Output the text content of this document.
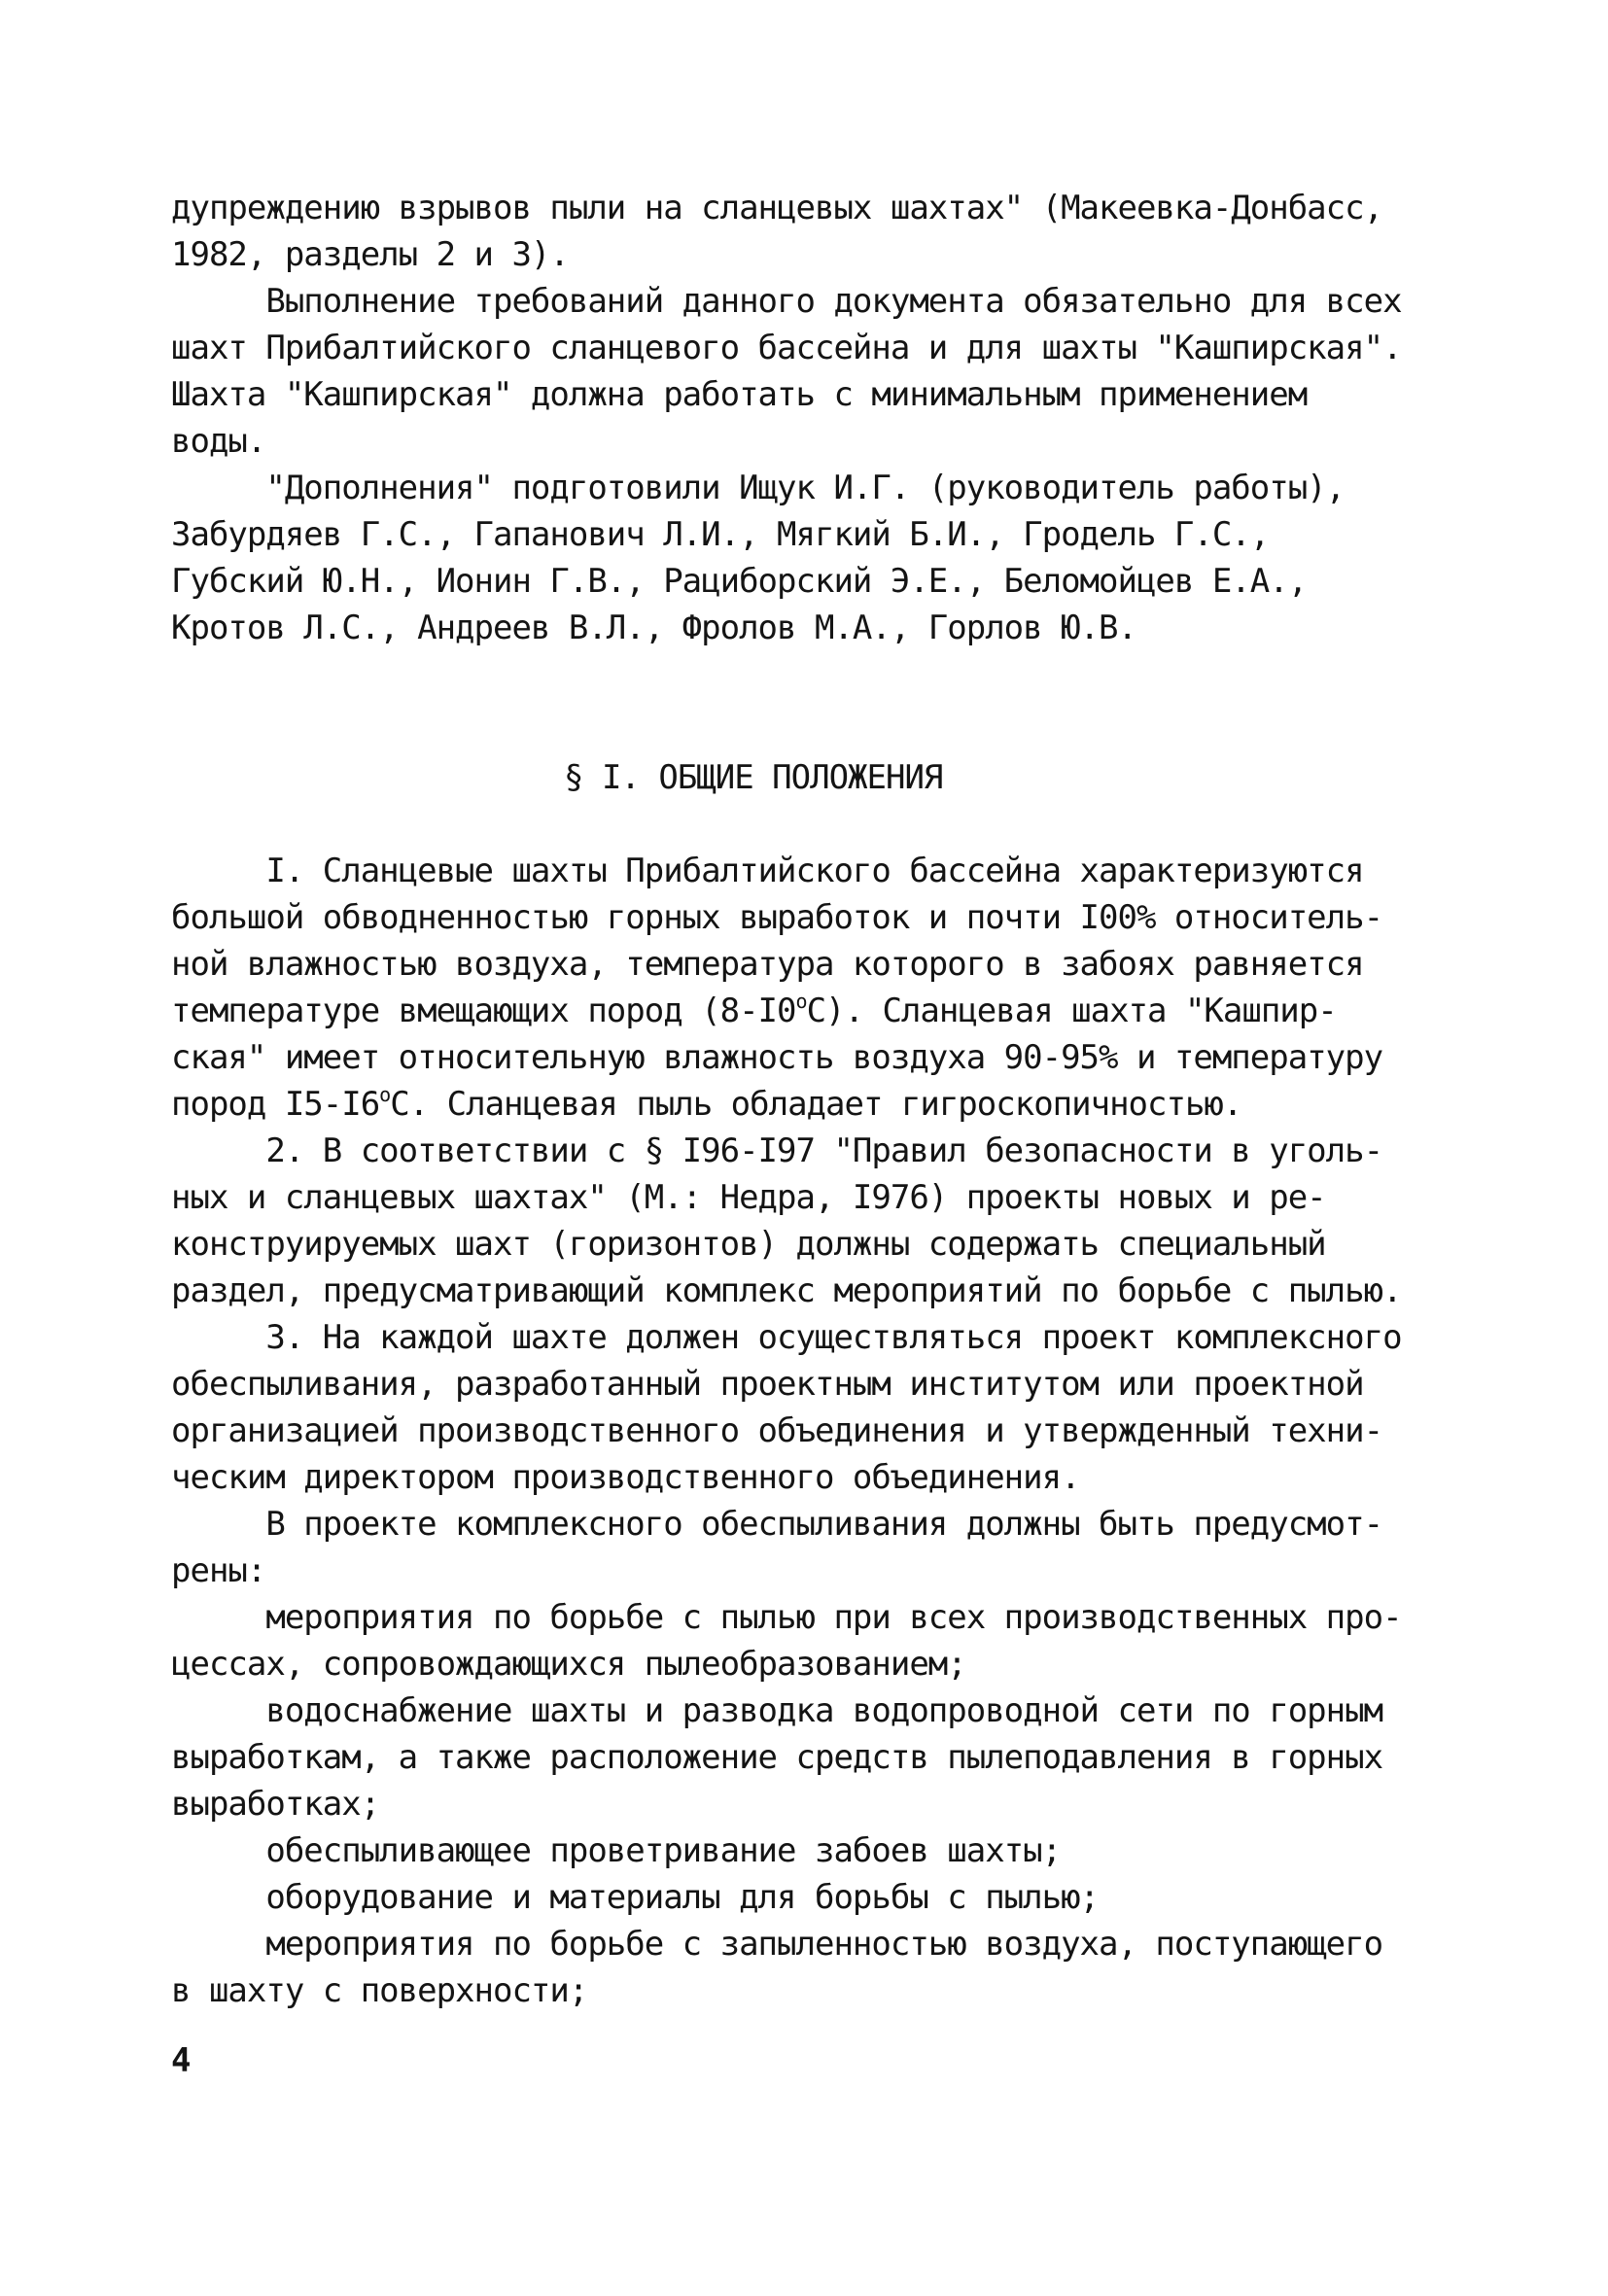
дупреждению взрывов пыли на сланцевых шахтах" (Макеевка-Донбасс,
1982, разделы 2 и 3).
Выполнение требований данного документа обязательно для всех
шахт Прибалтийского сланцевого бассейна и для шахты "Кашпирская".
Шахта "Кашпирская" должна работать с минимальным применением
воды.
"Дополнения" подготовили Ищук И.Г. (руководитель работы),
Забурдяев Г.С., Гапанович Л.И., Мягкий Б.И., Гродель Г.С.,
Губский Ю.Н., Ионин Г.В., Рациборский Э.Е., Беломойцев Е.А.,
Кротов Л.С., Андреев В.Л., Фролов М.А., Горлов Ю.В.
§ I. ОБЩИЕ ПОЛОЖЕНИЯ
I. Сланцевые шахты Прибалтийского бассейна характеризуются
большой обводненностью горных выработок и почти I00% относитель-
ной влажностью воздуха, температура которого в забоях равняется
температуре вмещающих пород (8-I0$^o$С). Сланцевая шахта "Кашпир-
ская" имеет относительную влажность воздуха 90-95% и температуру
пород I5-I6$^o$С. Сланцевая пыль обладает гигроскопичностью.
2. В соответствии с § I96-I97 "Правил безопасности в уголь-
ных и сланцевых шахтах" (М.: Недра, I976) проекты новых и ре-
конструируемых шахт (горизонтов) должны содержать специальный
раздел, предусматривающий комплекс мероприятий по борьбе с пылью.
3. На каждой шахте должен осуществляться проект комплексного
обеспыливания, разработанный проектным институтом или проектной
организацией производственного объединения и утвержденный техни-
ческим директором производственного объединения.
В проекте комплексного обеспыливания должны быть предусмот-
рены:
мероприятия по борьбе с пылью при всех производственных про-
цессах, сопровождающихся пылеобразованием;
водоснабжение шахты и разводка водопроводной сети по горным
выработкам, а также расположение средств пылеподавления в горных
выработках;
обеспыливающее проветривание забоев шахты;
оборудование и материалы для борьбы с пылью;
мероприятия по борьбе с запыленностью воздуха, поступающего
в шахту с поверхности;
4
